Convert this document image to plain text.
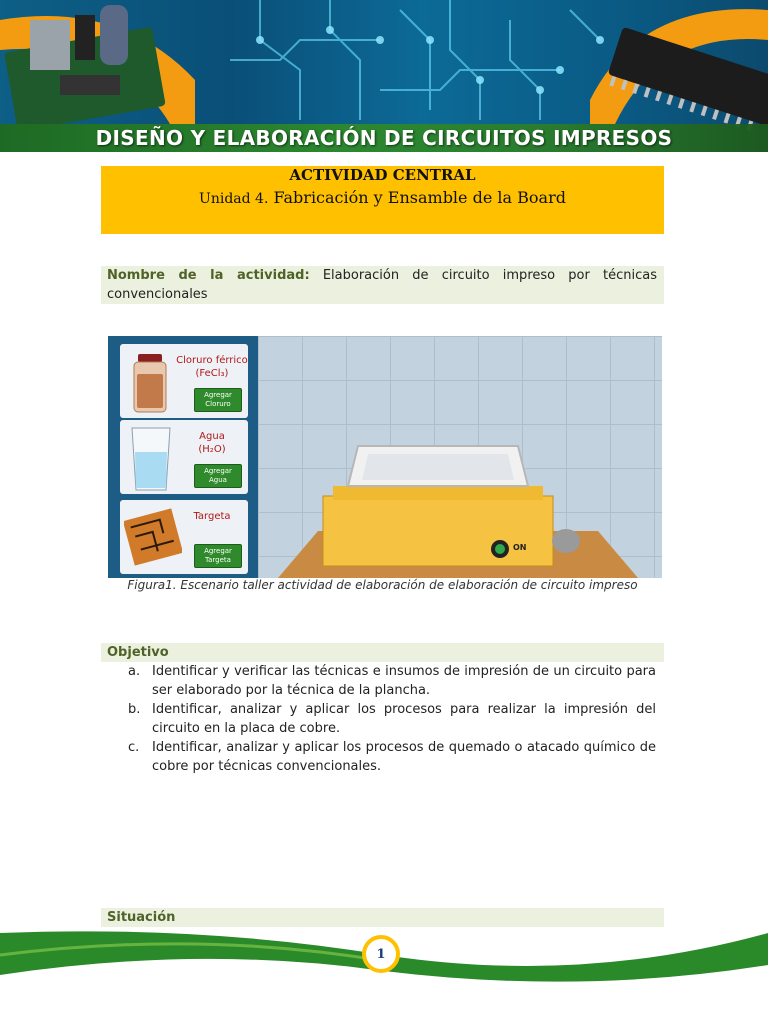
DISEÑO Y ELABORACIÓN DE CIRCUITOS IMPRESOS
ACTIVIDAD CENTRAL
Unidad 4. Fabricación y Ensamble de la Board
Nombre de la actividad: Elaboración de circuito impreso por técnicas convencionales
Cloruro férrico
(FeCl₃)
Agregar Cloruro
Agua
(H₂O)
Agregar Agua
Targeta

Agregar Targeta
ON
Figura1. Escenario taller actividad de elaboración de elaboración de circuito impreso
Objetivo
a. Identificar y verificar las técnicas e insumos de impresión de un circuito para ser elaborado por la técnica de la plancha.
b. Identificar, analizar y aplicar los procesos para realizar la impresión del circuito en la placa de cobre.
c. Identificar, analizar y aplicar los procesos de quemado o atacado químico de cobre por técnicas convencionales.
Situación
1
